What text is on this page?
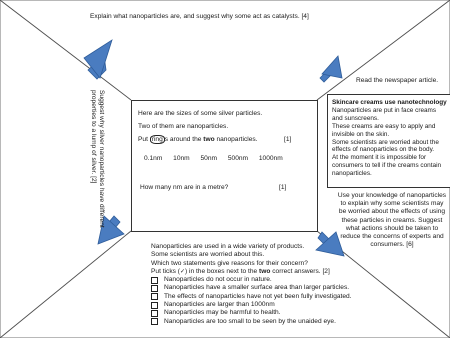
Explain what nanoparticles are, and suggest why some act as catalysts. [4]
Read the newspaper article.
Suggest why silver nanoparticles have different
properties to a lump of silver. [2]	Here are the sizes of some silver particles.
Two of them are nanoparticles.
Put ring s around the two nanoparticles.	[1]
0.1nm 10nm 50nm 500nm 1000nm
How many nm are in a metre?	[1]
Skincare creams use nanotechnology
Nanoparticles are put in face creams and sunscreens.
These creams are easy to apply and invisible on the skin.
Some scientists are worried about the effects of nanoparticles on the body.
At the moment it is impossible for consumers to tell if the creams contain nanoparticles.
Use your knowledge of nanoparticles to explain why some scientists may be worried about the effects of using these particles in creams. Suggest what actions should be taken to reduce the concerns of experts and consumers. [6]
Nanoparticles are used in a wide variety of products.
Some scientists are worried about this.
Which two statements give reasons for their concern?
Put ticks (✓) in the boxes next to the two correct answers. [2]
Nanoparticles do not occur in nature.
Nanoparticles have a smaller surface area than larger particles.
The effects of nanoparticles have not yet been fully investigated.
Nanoparticles are larger than 1000nm
Nanoparticles may be harmful to health.
Nanoparticles are too small to be seen by the unaided eye.
